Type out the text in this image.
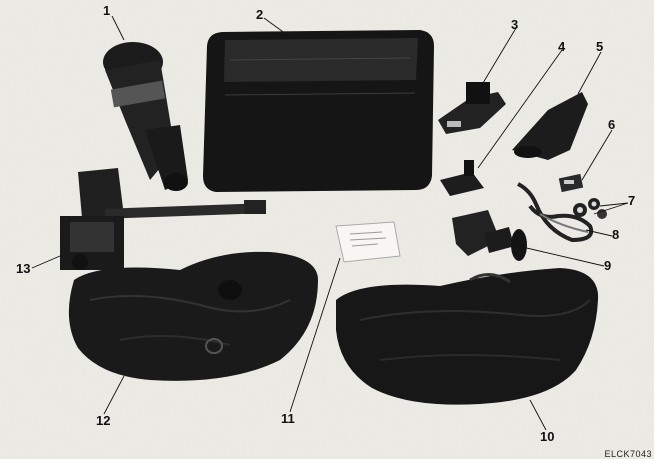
1	2
3
4 5
6
7
8
9
10
11
12
13
ELCK7043
